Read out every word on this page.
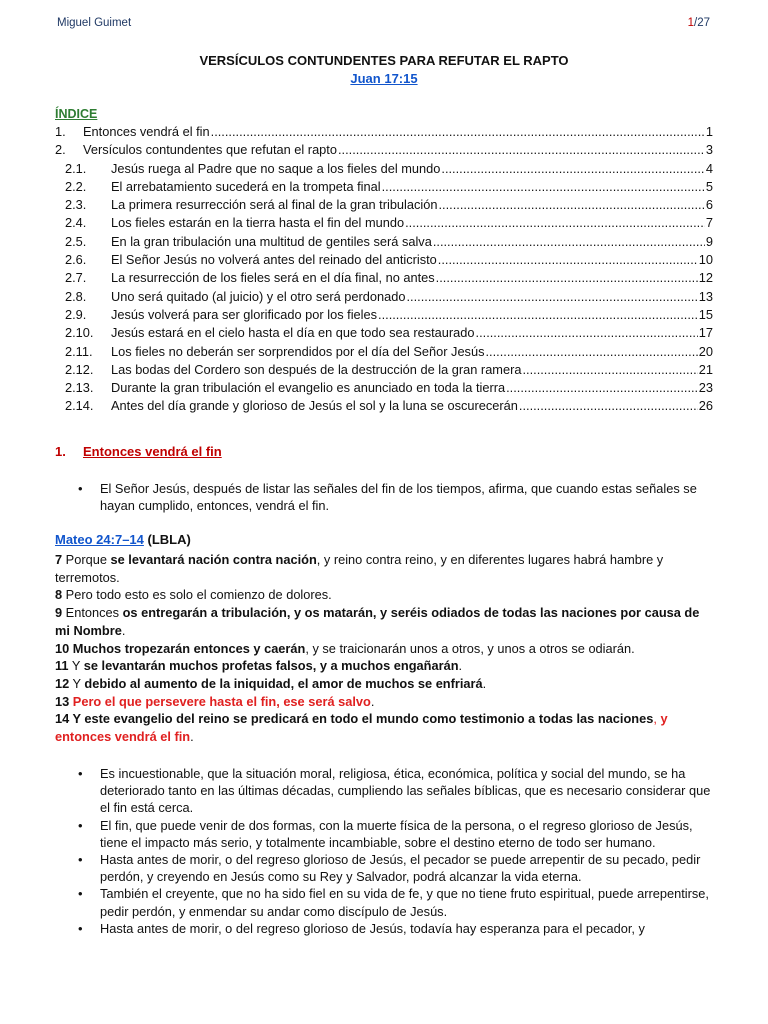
Miguel Guimet	1/27
VERSÍCULOS CONTUNDENTES PARA REFUTAR EL RAPTO
Juan 17:15
ÍNDICE
1.	Entonces vendrá el fin .....	1
2.	Versículos contundentes que refutan el rapto .....	3
2.1.	Jesús ruega al Padre que no saque a los fieles del mundo .....	4
2.2.	El arrebatamiento sucederá en la trompeta final .....	5
2.3.	La primera resurrección será al final de la gran tribulación .....	6
2.4.	Los fieles estarán en la tierra hasta el fin del mundo .....	7
2.5.	En la gran tribulación una multitud de gentiles será salva .....	9
2.6.	El Señor Jesús no volverá antes del reinado del anticristo .....	10
2.7.	La resurrección de los fieles será en el día final, no antes .....	12
2.8.	Uno será quitado (al juicio) y el otro será perdonado .....	13
2.9.	Jesús volverá para ser glorificado por los fieles .....	15
2.10.	Jesús estará en el cielo hasta el día en que todo sea restaurado .....	17
2.11.	Los fieles no deberán ser sorprendidos por el día del Señor Jesús .....	20
2.12.	Las bodas del Cordero son después de la destrucción de la gran ramera .....	21
2.13.	Durante la gran tribulación el evangelio es anunciado en toda la tierra .....	23
2.14.	Antes del día grande y glorioso de Jesús el sol y la luna se oscurecerán .....	26
1. Entonces vendrá el fin
• El Señor Jesús, después de listar las señales del fin de los tiempos, afirma, que cuando estas señales se hayan cumplido, entonces, vendrá el fin.
Mateo 24:7–14 (LBLA)

7 Porque se levantará nación contra nación, y reino contra reino, y en diferentes lugares habrá hambre y terremotos.

8 Pero todo esto es solo el comienzo de dolores.

9 Entonces os entregarán a tribulación, y os matarán, y seréis odiados de todas las naciones por causa de mi Nombre.

10 Muchos tropezarán entonces y caerán, y se traicionarán unos a otros, y unos a otros se odiarán.

11 Y se levantarán muchos profetas falsos, y a muchos engañarán.

12 Y debido al aumento de la iniquidad, el amor de muchos se enfriará.

13 Pero el que persevere hasta el fin, ese será salvo.

14 Y este evangelio del reino se predicará en todo el mundo como testimonio a todas las naciones, y entonces vendrá el fin.

• Es incuestionable, que la situación moral, religiosa, ética, económica, política y social del mundo, se ha deteriorado tanto en las últimas décadas, cumpliendo las señales bíblicas, que es necesario considerar que el fin está cerca.
• El fin, que puede venir de dos formas, con la muerte física de la persona, o el regreso glorioso de Jesús, tiene el impacto más serio, y totalmente incambiable, sobre el destino eterno de todo ser humano.
• Hasta antes de morir, o del regreso glorioso de Jesús, el pecador se puede arrepentir de su pecado, pedir perdón, y creyendo en Jesús como su Rey y Salvador, podrá alcanzar la vida eterna.
• También el creyente, que no ha sido fiel en su vida de fe, y que no tiene fruto espiritual, puede arrepentirse, pedir perdón, y enmendar su andar como discípulo de Jesús.
• Hasta antes de morir, o del regreso glorioso de Jesús, todavía hay esperanza para el pecador, y
